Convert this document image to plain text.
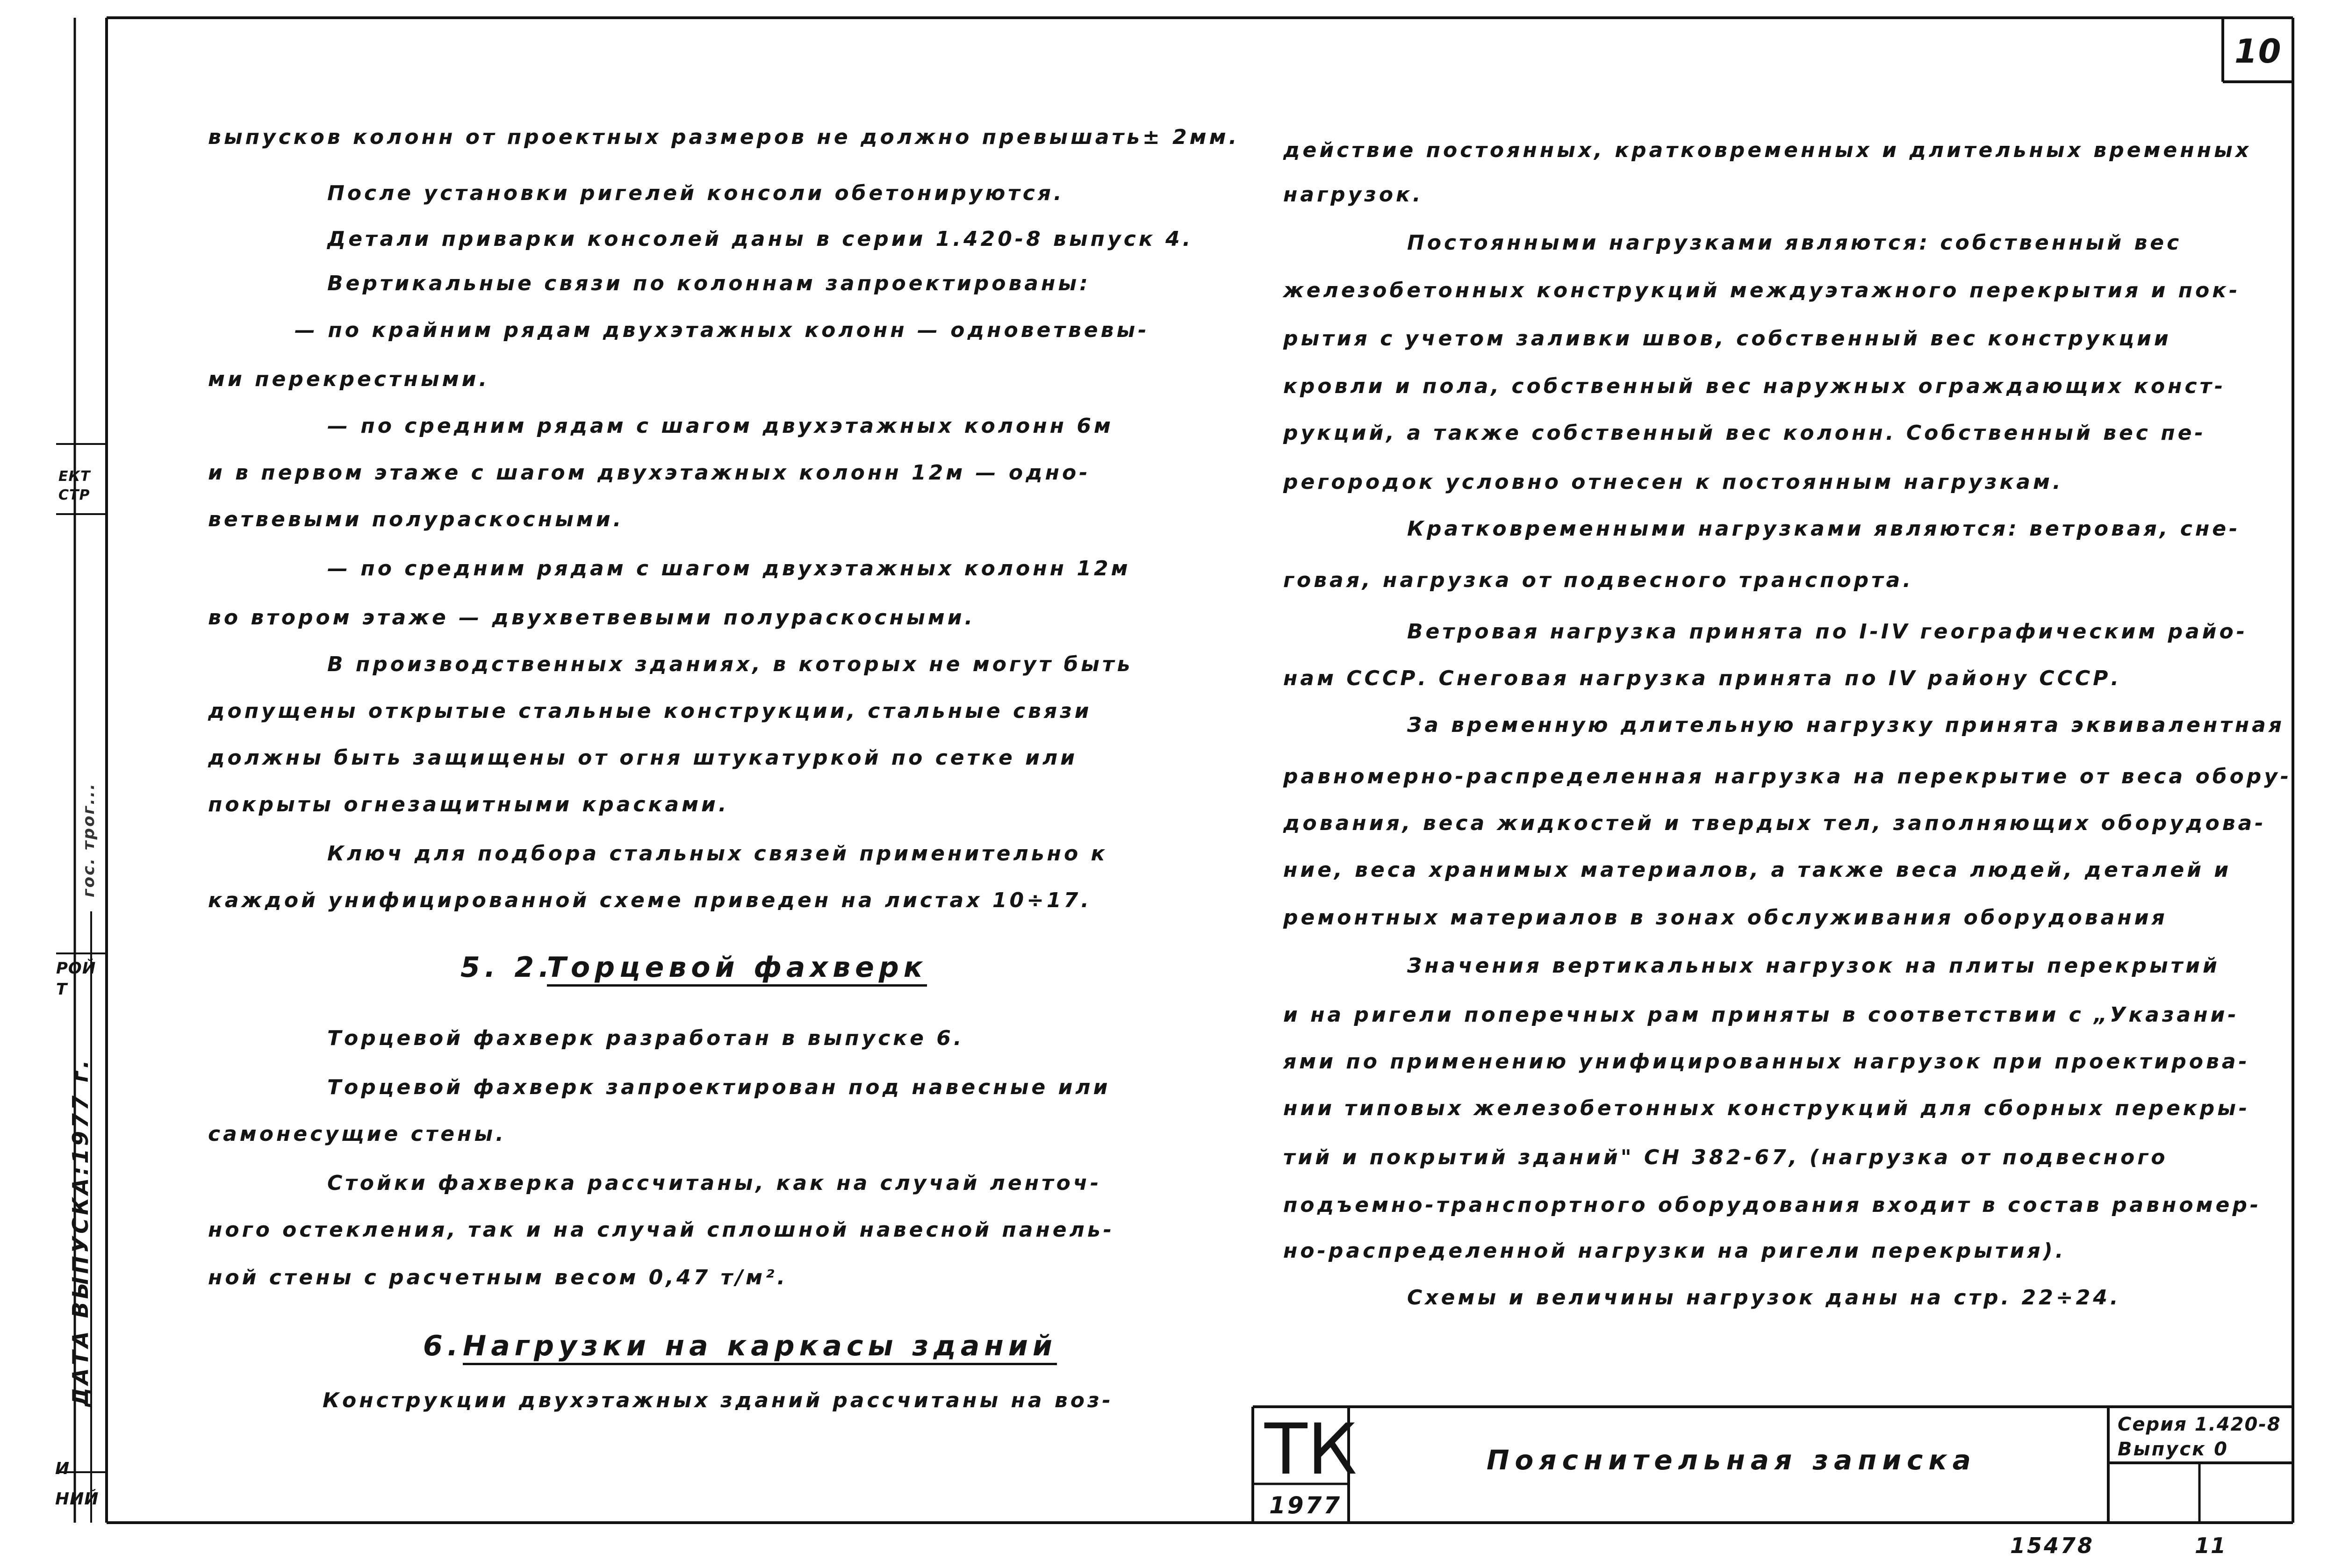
10
ДАТА ВЫПУСКА:
1977 г.
гос. трог...
ЕКТ
СТР
РОЙ
Т
И
НИЙ
выпусков колонн от проектных размеров не должно превышать± 2мм.
После установки ригелей консоли обетонируются.
Детали приварки консолей даны в серии 1.420-8 выпуск 4.
Вертикальные связи по колоннам запроектированы:
— по крайним рядам двухэтажных колонн — одноветвевы-
ми перекрестными.
— по средним рядам с шагом двухэтажных колонн 6м
и в первом этаже с шагом двухэтажных колонн 12м — одно-
ветвевыми полураскосными.
— по средним рядам с шагом двухэтажных колонн 12м
во втором этаже — двухветвевыми полураскосными.
В производственных зданиях, в которых не могут быть
допущены открытые стальные конструкции, стальные связи
должны быть защищены от огня штукатуркой по сетке или
покрыты огнезащитными красками.
Ключ для подбора стальных связей применительно к
каждой унифицированной схеме приведен на листах 10÷17.
5. 2.
Торцевой фахверк
Торцевой фахверк разработан в выпуске 6.
Торцевой фахверк запроектирован под навесные или
самонесущие стены.
Стойки фахверка рассчитаны, как на случай ленточ-
ного остекления, так и на случай сплошной навесной панель-
ной стены с расчетным весом 0,47 т/м².
6. Нагрузки на каркасы зданий
Конструкции двухэтажных зданий рассчитаны на воз-
действие постоянных, кратковременных и длительных временных
нагрузок.
Постоянными нагрузками являются: собственный вес
железобетонных конструкций междуэтажного перекрытия и пок-
рытия с учетом заливки швов, собственный вес конструкции
кровли и пола, собственный вес наружных ограждающих конст-
рукций, а также собственный вес колонн. Собственный вес пе-
регородок условно отнесен к постоянным нагрузкам.
Кратковременными нагрузками являются: ветровая, сне-
говая, нагрузка от подвесного транспорта.
Ветровая нагрузка принята по I-IV географическим райо-
нам СССР. Снеговая нагрузка принята по IV району СССР.
За временную длительную нагрузку принята эквивалентная
равномерно-распределенная нагрузка на перекрытие от веса обору-
дования, веса жидкостей и твердых тел, заполняющих оборудова-
ние, веса хранимых материалов, а также веса людей, деталей и
ремонтных материалов в зонах обслуживания оборудования
Значения вертикальных нагрузок на плиты перекрытий
и на ригели поперечных рам приняты в соответствии с „Указани-
ями по применению унифицированных нагрузок при проектирова-
нии типовых железобетонных конструкций для сборных перекры-
тий и покрытий зданий" СН 382-67, (нагрузка от подвесного
подъемно-транспортного оборудования входит в состав равномер-
но-распределенной нагрузки на ригели перекрытия).
Схемы и величины нагрузок даны на стр. 22÷24.
ТК
1977
Пояснительная записка
Серия 1.420-8
Выпуск 0
15478	11
